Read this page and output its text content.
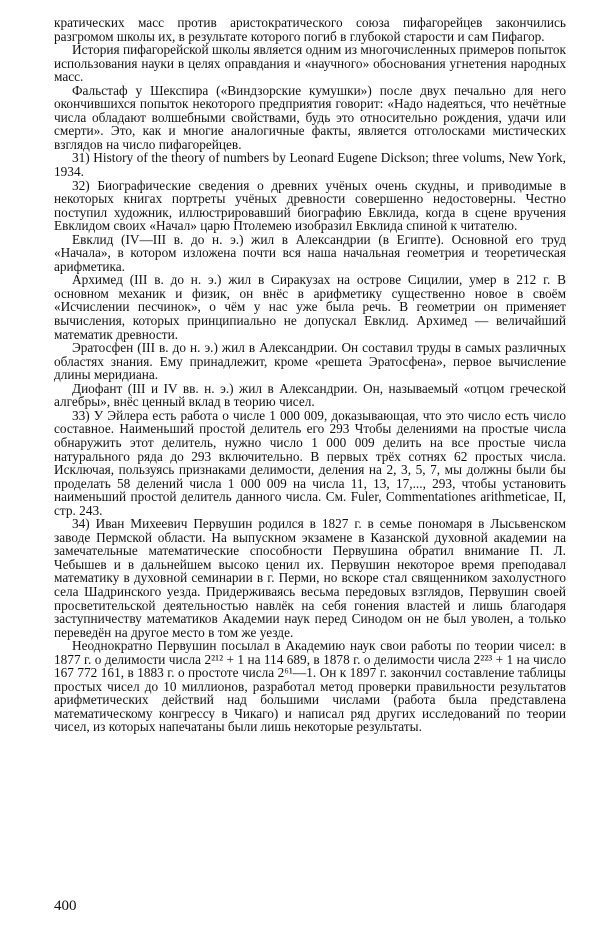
кратических масс против аристократического союза пифагорейцев закончились разгромом школы их, в результате которого погиб в глубокой старости и сам Пифагор.

История пифагорейской школы является одним из многочисленных примеров попыток использования науки в целях оправдания и «научного» обоснования угнетения народных масс.

Фальстаф у Шекспира («Виндзорские кумушки») после двух печально для него окончившихся попыток некоторого предприятия говорит: «Надо надеяться, что нечётные числа обладают волшебными свойствами, будь это относительно рождения, удачи или смерти». Это, как и многие аналогичные факты, является отголосками мистических взглядов на число пифагорейцев.

31) History of the theory of numbers by Leonard Eugene Dickson; three volums, New York, 1934.

32) Биографические сведения о древних учёных очень скудны, и приводимые в некоторых книгах портреты учёных древности совершенно недостоверны. Честно поступил художник, иллюстрировавший биографию Евклида, когда в сцене вручения Евклидом своих «Начал» царю Птолемею изобразил Евклида спиной к читателю.

Евклид (IV—III в. до н. э.) жил в Александрии (в Египте). Основной его труд «Начала», в котором изложена почти вся наша начальная геометрия и теоретическая арифметика.

Архимед (III в. до н. э.) жил в Сиракузах на острове Сицилии, умер в 212 г. В основном механик и физик, он внёс в арифметику существенно новое в своём «Исчислении песчинок», о чём у нас уже была речь. В геометрии он применяет вычисления, которых принципиально не допускал Евклид. Архимед — величайший математик древности.

Эратосфен (III в. до н. э.) жил в Александрии. Он составил труды в самых различных областях знания. Ему принадлежит, кроме «решета Эратосфена», первое вычисление длины меридиана.

Диофант (III и IV вв. н. э.) жил в Александрии. Он, называемый «отцом греческой алгебры», внёс ценный вклад в теорию чисел.

33) У Эйлера есть работа о числе 1 000 009, доказывающая, что это число есть число составное. Наименьший простой делитель его 293 Чтобы делениями на простые числа обнаружить этот делитель, нужно число 1 000 009 делить на все простые числа натурального ряда до 293 включительно. В первых трёх сотнях 62 простых числа. Исключая, пользуясь признаками делимости, деления на 2, 3, 5, 7, мы должны были бы проделать 58 делений числа 1 000 009 на числа 11, 13, 17,..., 293, чтобы установить наименьший простой делитель данного числа. См. Fuler, Commentationes arithmeticae, II, стр. 243.

34) Иван Михеевич Первушин родился в 1827 г. в семье пономаря в Лысьвенском заводе Пермской области. На выпускном экзамене в Казанской духовной академии на замечательные математические способности Первушина обратил внимание П. Л. Чебышев и в дальнейшем высоко ценил их. Первушин некоторое время преподавал математику в духовной семинарии в г. Перми, но вскоре стал священником захолустного села Шадринского уезда. Придерживаясь весьма передовых взглядов, Первушин своей просветительской деятельностью навлёк на себя гонения властей и лишь благодаря заступничеству математиков Академии наук перед Синодом он не был уволен, а только переведён на другое место в том же уезде.

Неоднократно Первушин посылал в Академию наук свои работы по теории чисел: в 1877 г. о делимости числа 2²¹² + 1 на 114 689, в 1878 г. о делимости числа 2²²³ + 1 на число 167 772 161, в 1883 г. о простоте числа 2⁶¹—1. Он к 1897 г. закончил составление таблицы простых чисел до 10 миллионов, разработал метод проверки правильности результатов арифметических действий над большими числами (работа была представлена математическому конгрессу в Чикаго) и написал ряд других исследований по теории чисел, из которых напечатаны были лишь некоторые результаты.

400
